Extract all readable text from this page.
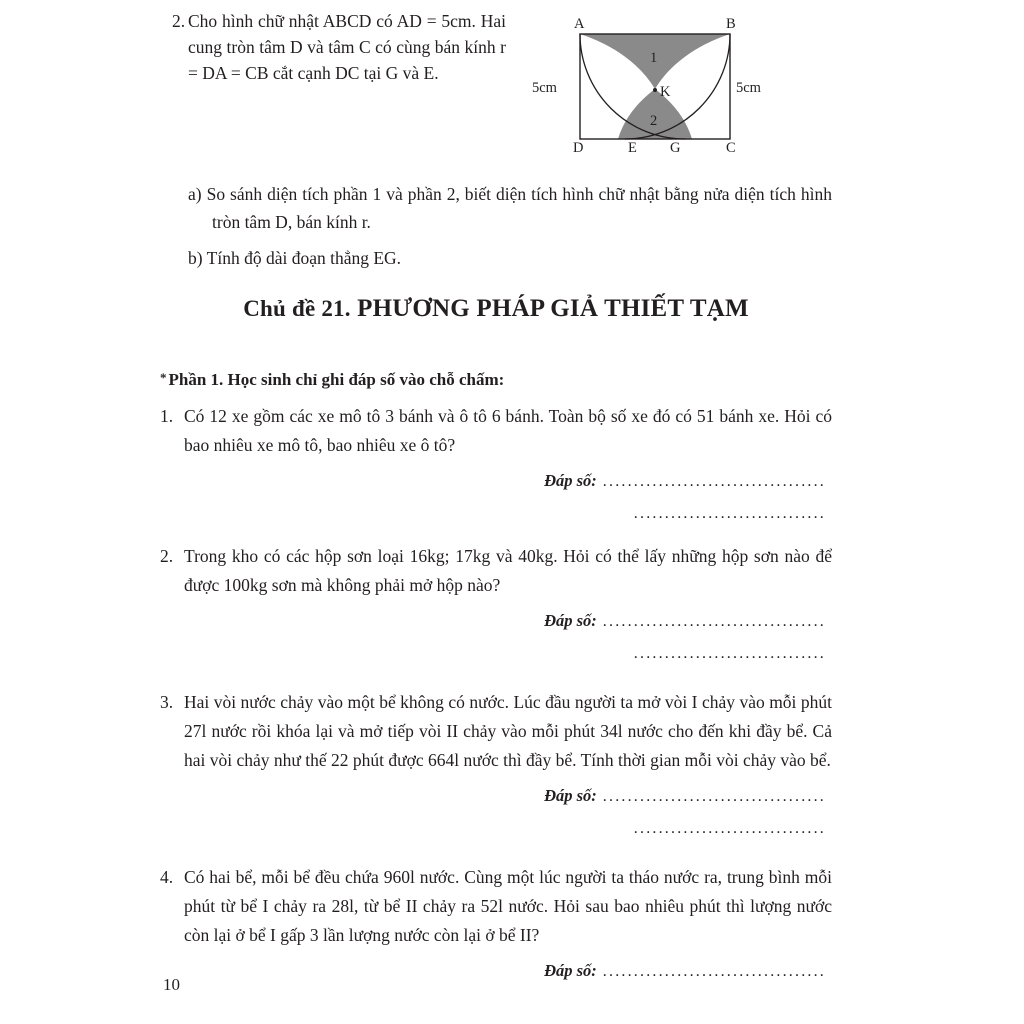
2. Cho hình chữ nhật ABCD có AD = 5cm. Hai cung tròn tâm D và tâm C có cùng bán kính r = DA = CB cắt cạnh DC tại G và E.

A	B
D	C
E G
K
1
2
5cm	5cm
a) So sánh diện tích phần 1 và phần 2, biết diện tích hình chữ nhật bằng nửa diện tích hình tròn tâm D, bán kính r.
b) Tính độ dài đoạn thẳng EG.
Chủ đề 21. PHƯƠNG PHÁP GIẢ THIẾT TẠM
* Phần 1. Học sinh chỉ ghi đáp số vào chỗ chấm:
1. Có 12 xe gồm các xe mô tô 3 bánh và ô tô 6 bánh. Toàn bộ số xe đó có 51 bánh xe. Hỏi có bao nhiêu xe mô tô, bao nhiêu xe ô tô?
Đáp số: ....................................
...............................
2. Trong kho có các hộp sơn loại 16kg; 17kg và 40kg. Hỏi có thể lấy những hộp sơn nào để được 100kg sơn mà không phải mở hộp nào?
Đáp số: ....................................
...............................
3. Hai vòi nước chảy vào một bể không có nước. Lúc đầu người ta mở vòi I chảy vào mỗi phút 27l nước rồi khóa lại và mở tiếp vòi II chảy vào mỗi phút 34l nước cho đến khi đầy bể. Cả hai vòi chảy như thế 22 phút được 664l nước thì đầy bể. Tính thời gian mỗi vòi chảy vào bể.
Đáp số: ....................................
...............................
4. Có hai bể, mỗi bể đều chứa 960l nước. Cùng một lúc người ta tháo nước ra, trung bình mỗi phút từ bể I chảy ra 28l, từ bể II chảy ra 52l nước. Hỏi sau bao nhiêu phút thì lượng nước còn lại ở bể I gấp 3 lần lượng nước còn lại ở bể II?
Đáp số: ....................................
10
